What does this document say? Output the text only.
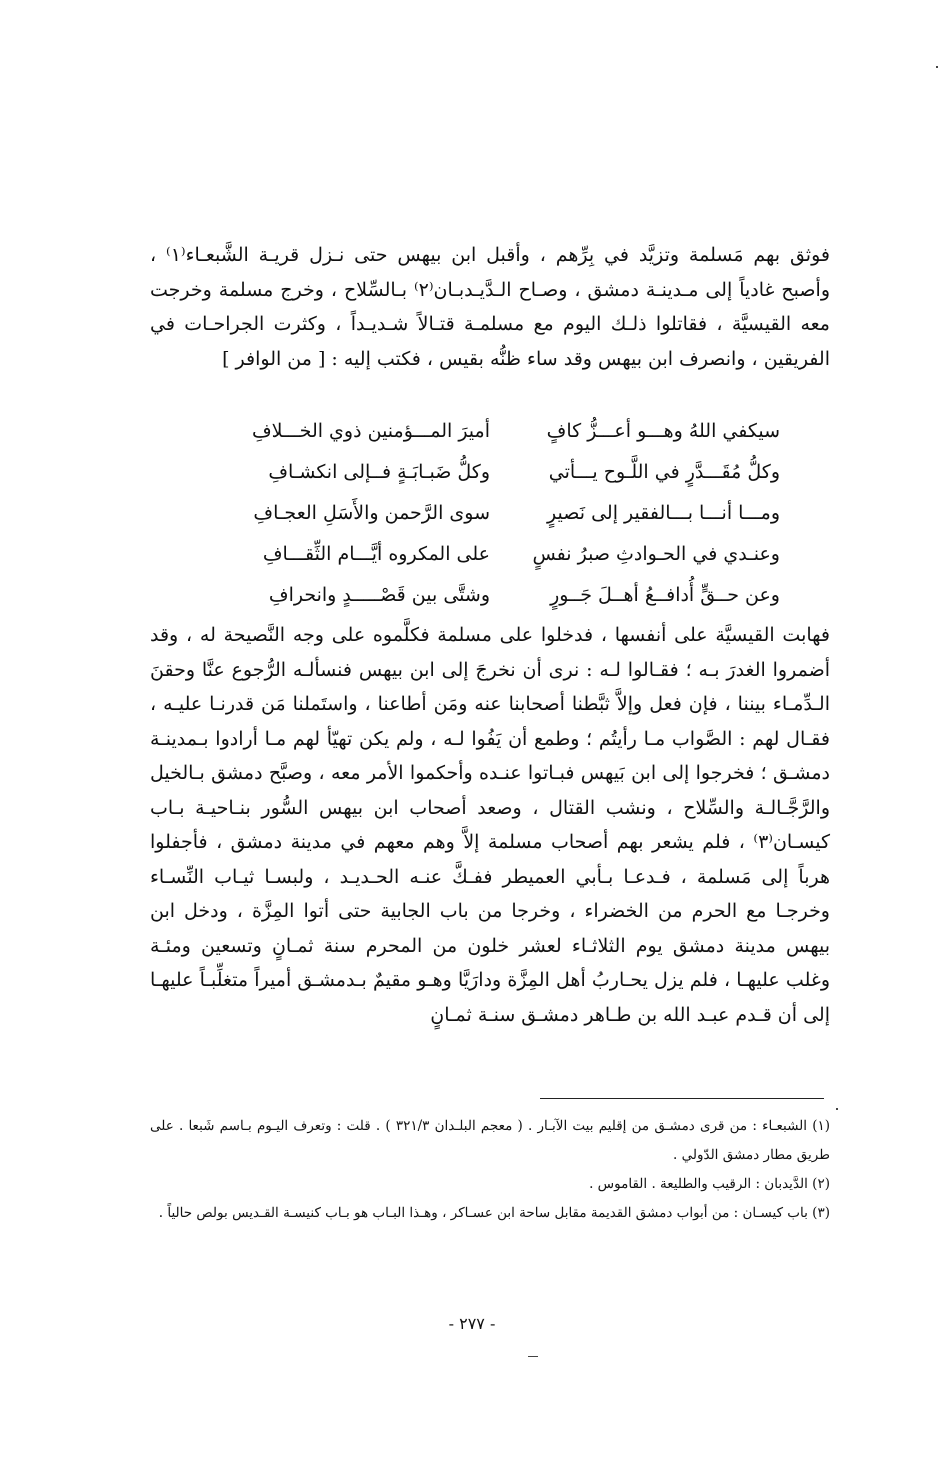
فوثق بهم مَسلمة وتزيَّد في بِرِّهم ، وأقبل ابن بيهس حتى نـزل قريـة الشَّبعـاء⁽١⁾ ، وأصبح غادياً إلى مـدينـة دمشق ، وصـاح الـدَّيـدبـان⁽٢⁾ بـالسِّلاح ، وخرج مسلمة وخرجت معه القيسيَّة ، فقاتلوا ذلـك اليوم مع مسلمـة قتـالاً شـديـداً ، وكثرت الجراحـات في الفريقين ، وانصرف ابن بيهس وقد ساء ظنُّه بقيس ، فكتب إليه : [ من الوافر ]

سيكفي اللهُ وهـــو أعـــزُّ كافٍ
أميرَ المـــؤمنين ذوي الخـــلافِ
وكلُّ مُقَـــدَّرٍ في اللَّـوح يـــأتي
وكلُّ ضَبـابَـةٍ فــإلى انكشـافِ
ومـــا أنـــا بـــالفقير إلى نَصيرٍ
سوى الرَّحمن والأَسَلِ العجـافِ
وعنـدي في الحـوادثِ صبرُ نفسٍ
على المكروه أيَّـــام الثِّقـــافِ
وعن حــقٍّ أُدافــعُ أهــلَ جَــورٍ
وشتَّى بين قَصْـــــدٍ وانحرافِ

فهابت القيسيَّة على أنفسها ، فدخلوا على مسلمة فكلَّموه على وجه النَّصيحة له ، وقد أضمروا الغدرَ بـه ؛ فقـالوا لـه : نرى أن نخرجَ إلى ابن بيهس فنسألـه الرُّجوع عنَّا وحقنَ الـدِّمـاء بيننا ، فإن فعل وإلاَّ ثبَّطنا أصحابنا عنه ومَن أطاعنا ، واستَملنا مَن قدرنـا عليـه ، فقـال لهم : الصَّواب مـا رأيتُم ؛ وطمع أن يَفُوا لـه ، ولم يكن تهيّأ لهم مـا أرادوا بـمدينـة دمشـق ؛ فخرجوا إلى ابن بَيهس فبـاتوا عنـده وأحكموا الأمر معه ، وصبَّح دمشق بـالخيل والرَّجَّـالـة والسِّلاح ، ونشب القتال ، وصعد أصحاب ابن بيهس السُّور بنـاحيـة بـاب كيسـان⁽٣⁾ ، فلم يشعر بهم أصحاب مسلمة إلاَّ وهم معهم في مدينة دمشق ، فأجفلوا هرباً إلى مَسلمة ، فـدعـا بـأبي العميطر ففـكَّ عنـه الحـديـد ، ولبسـا ثيـاب النِّسـاء وخرجـا مع الحرم من الخضراء ، وخرجا من باب الجابية حتى أتوا المِزَّة ، ودخل ابن بيهس مدينة دمشق يوم الثلاثـاء لعشر خلون من المحرم سنة ثمـانٍ وتسعين ومئـة وغلب عليهـا ، فلم يزل يحـاربُ أهل المِزَّة ودارَيَّا وهـو مقيمٌ بـدمشـق أميراً متغلِّبـاً عليهـا إلى أن قـدم عبـد الله بن طـاهر دمشـق سنـة ثمـانٍ

(١) الشبعـاء : من قرى دمشـق من إقليم بيت الآبـار . ( معجم البلـدان ٣٢١/٣ ) . قلت : وتعرف اليـوم بـاسم شَبعا . على طريق مطار دمشق الدّولي .

(٢) الدَّيدبان : الرقيب والطليعة . القاموس .

(٣) باب كيسـان : من أبواب دمشق القديمة مقابل ساحة ابن عسـاكر ، وهـذا البـاب هو بـاب كنيسـة القـديس بولص حالياً .

- ٢٧٧ -
